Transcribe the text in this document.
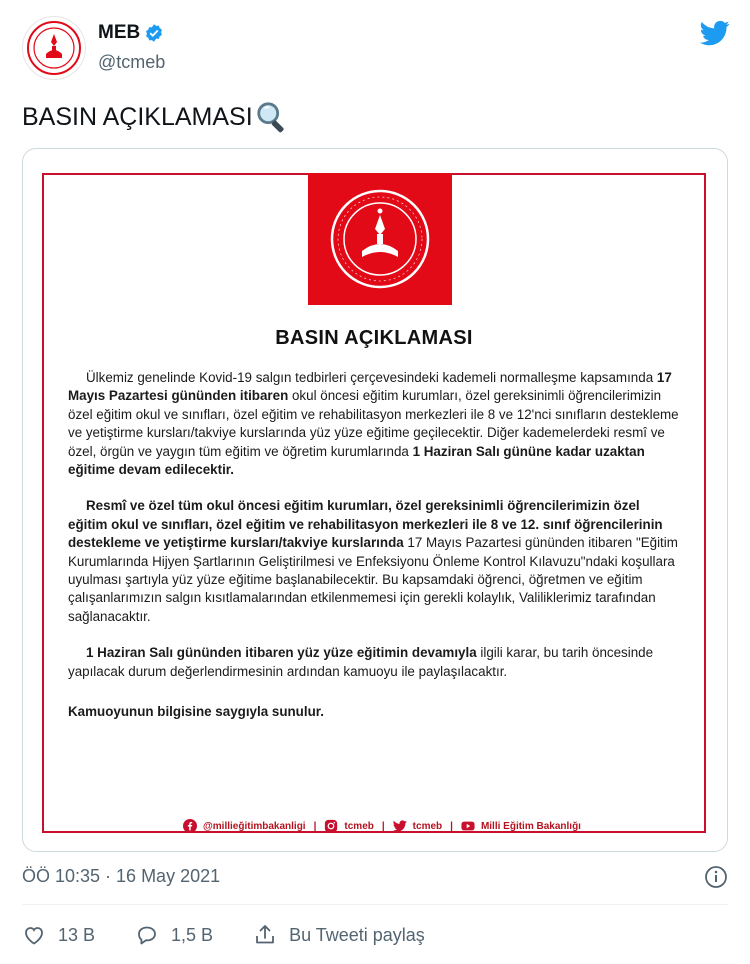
MEB
@tcmeb
BASIN AÇIKLAMASI
BASIN AÇIKLAMASI

Ülkemiz genelinde Kovid-19 salgın tedbirleri çerçevesindeki kademeli normalleşme kapsamında 17 Mayıs Pazartesi gününden itibaren okul öncesi eğitim kurumları, özel gereksinimli öğrencilerimizin özel eğitim okul ve sınıfları, özel eğitim ve rehabilitasyon merkezleri ile 8 ve 12'nci sınıfların destekleme ve yetiştirme kursları/takviye kurslarında yüz yüze eğitime geçilecektir. Diğer kademelerdeki resmî ve özel, örgün ve yaygın tüm eğitim ve öğretim kurumlarında 1 Haziran Salı gününe kadar uzaktan eğitime devam edilecektir.

Resmî ve özel tüm okul öncesi eğitim kurumları, özel gereksinimli öğrencilerimizin özel eğitim okul ve sınıfları, özel eğitim ve rehabilitasyon merkezleri ile 8 ve 12. sınıf öğrencilerinin destekleme ve yetiştirme kursları/takviye kurslarında 17 Mayıs Pazartesi gününden itibaren "Eğitim Kurumlarında Hijyen Şartlarının Geliştirilmesi ve Enfeksiyonu Önleme Kontrol Kılavuzu"ndaki koşullara uyulması şartıyla yüz yüze eğitime başlanabilecektir. Bu kapsamdaki öğrenci, öğretmen ve eğitim çalışanlarımızın salgın kısıtlamalarından etkilenmemesi için gerekli kolaylık, Valiliklerimiz tarafından sağlanacaktır.

1 Haziran Salı gününden itibaren yüz yüze eğitimin devamıyla ilgili karar, bu tarih öncesinde yapılacak durum değerlendirmesinin ardından kamuoyu ile paylaşılacaktır.

Kamuoyunun bilgisine saygıyla sunulur.

@millieğitimbakanligi |	tcmeb |	tcmeb |	Milli Eğitim Bakanlığı
ÖÖ 10:35 · 16 May 2021
13 B	1,5 B	Bu Tweeti paylaş
